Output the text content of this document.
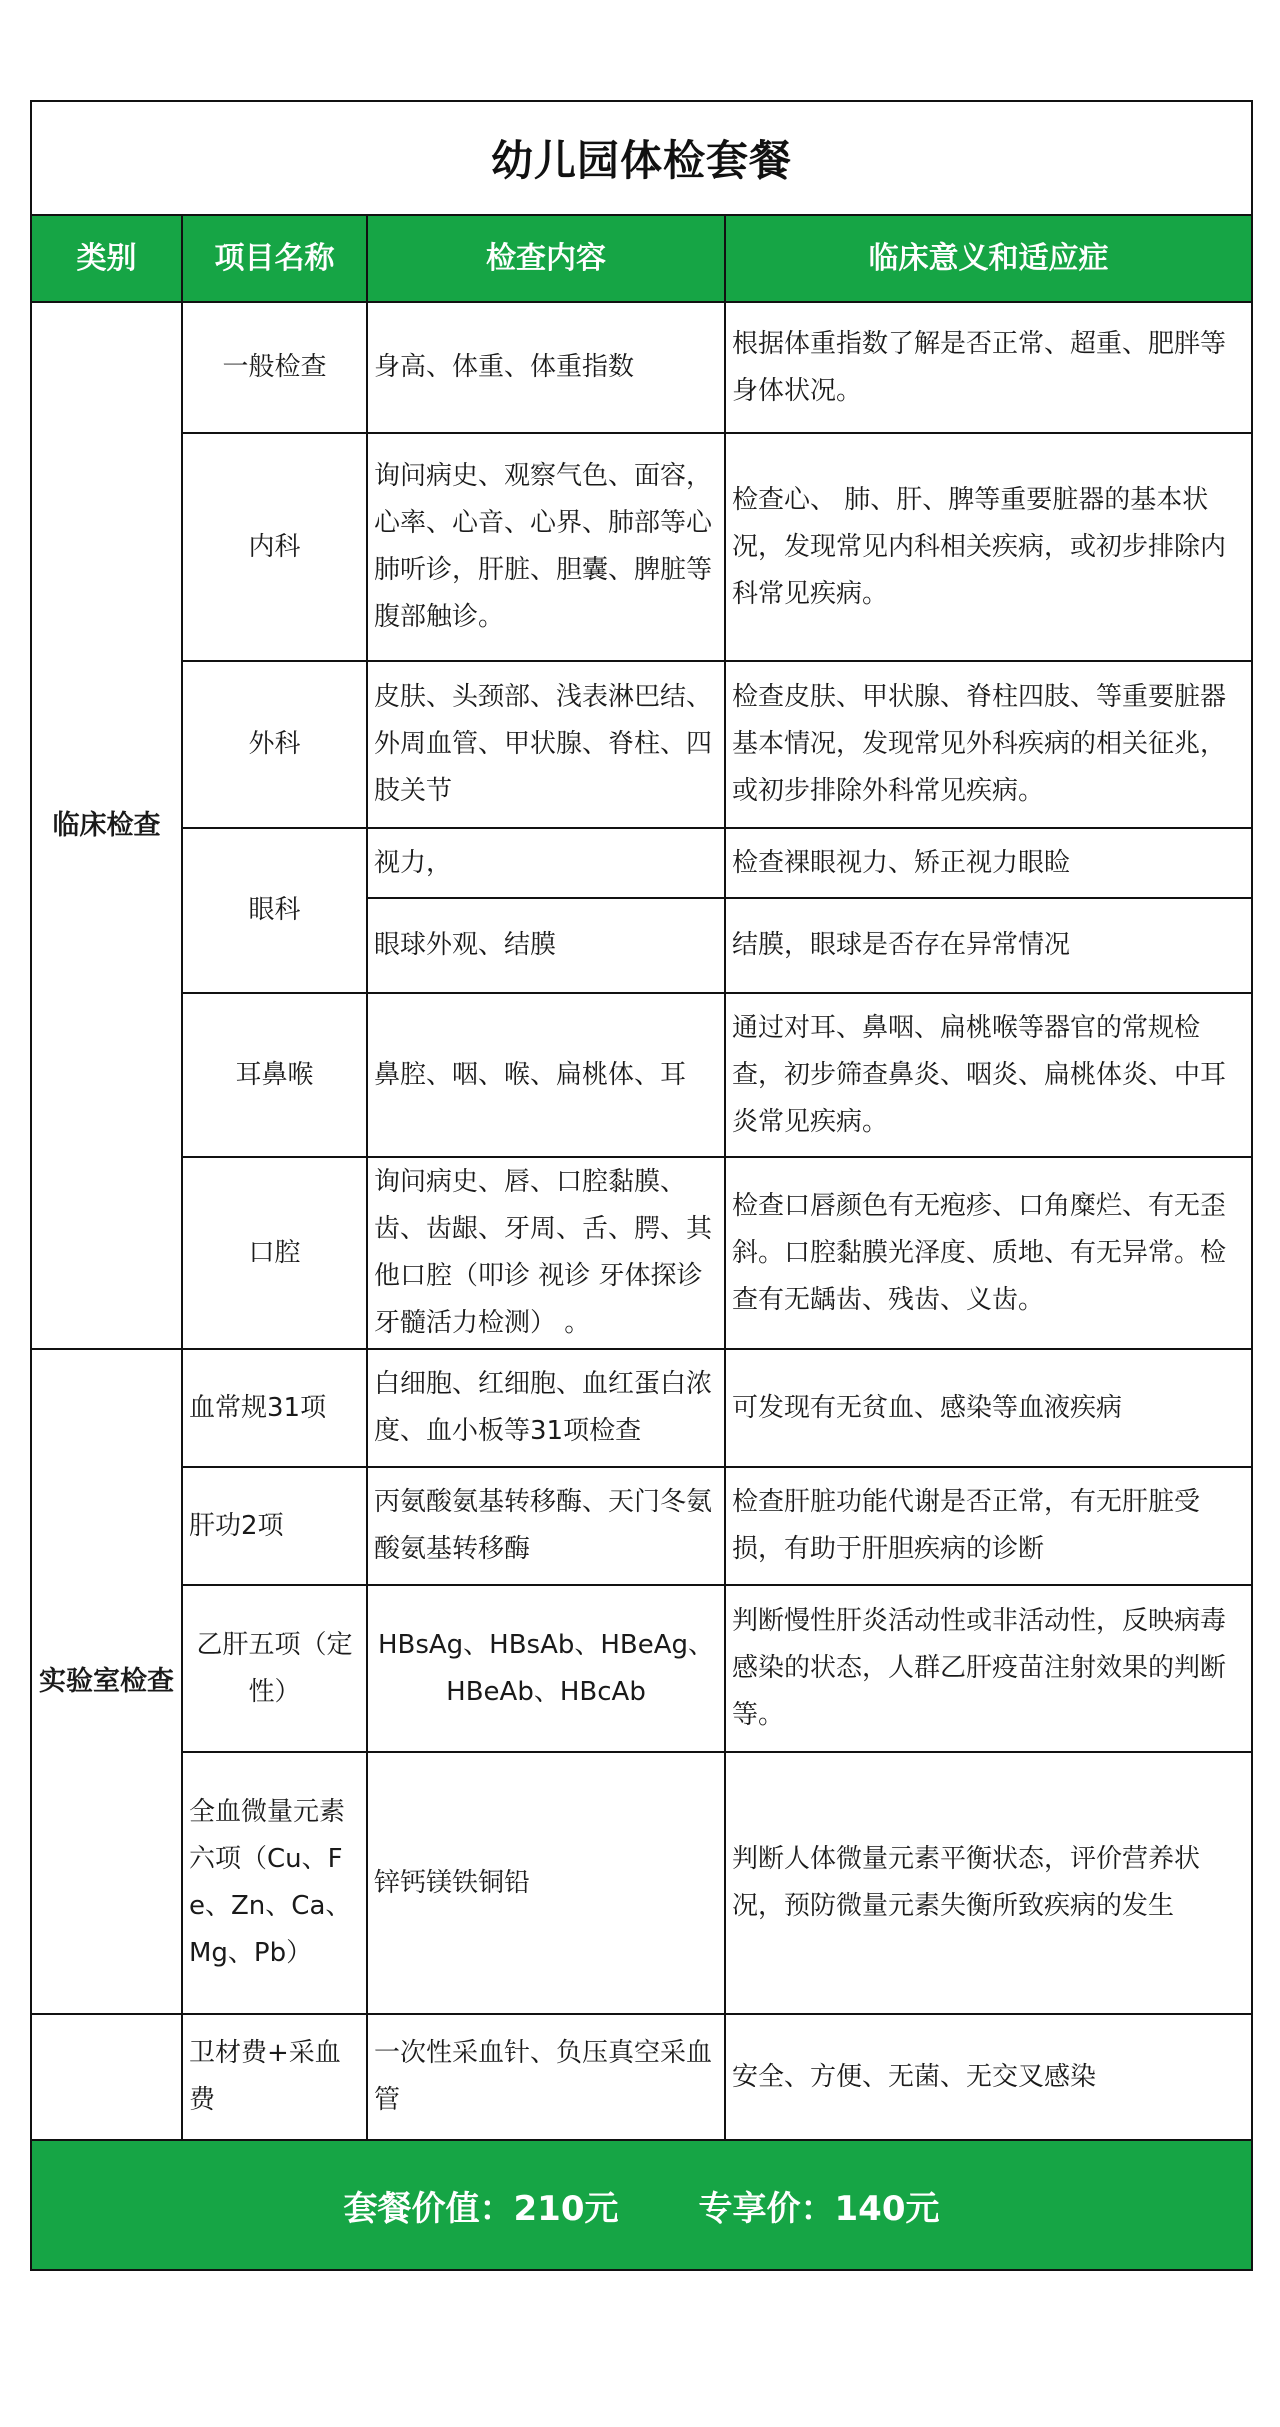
幼儿园体检套餐
类别	项目名称	检查内容	临床意义和适应症
临床检查	一般检查	身高、体重、体重指数	根据体重指数了解是否正常、超重、肥胖等身体状况。
	内科	询问病史、观察气色、面容，心率、心音、心界、肺部等心肺听诊，肝脏、胆囊、脾脏等腹部触诊。	检查心、 肺、肝、脾等重要脏器的基本状况，发现常见内科相关疾病，或初步排除内科常见疾病。
	外科	皮肤、头颈部、浅表淋巴结、外周血管、甲状腺、脊柱、四肢关节	检查皮肤、甲状腺、脊柱四肢、等重要脏器基本情况，发现常见外科疾病的相关征兆，或初步排除外科常见疾病。
	眼科	视力，	检查裸眼视力、矫正视力眼睑
		眼球外观、结膜	结膜，眼球是否存在异常情况
	耳鼻喉	鼻腔、咽、喉、扁桃体、耳	通过对耳、鼻咽、扁桃喉等器官的常规检查，初步筛查鼻炎、咽炎、扁桃体炎、中耳炎常见疾病。
	口腔	询问病史、唇、口腔黏膜、齿、齿龈、牙周、舌、腭、其他口腔（叩诊 视诊 牙体探诊 牙髓活力检测） 。	检查口唇颜色有无疱疹、口角糜烂、有无歪斜。口腔黏膜光泽度、质地、有无异常。检查有无龋齿、残齿、义齿。
实验室检查	血常规31项	白细胞、红细胞、血红蛋白浓度、血小板等31项检查	可发现有无贫血、感染等血液疾病
	肝功2项	丙氨酸氨基转移酶、天门冬氨酸氨基转移酶	检查肝脏功能代谢是否正常，有无肝脏受损，有助于肝胆疾病的诊断
	乙肝五项（定性）	HBsAg、HBsAb、HBeAg、HBeAb、HBcAb	判断慢性肝炎活动性或非活动性，反映病毒感染的状态，人群乙肝疫苗注射效果的判断等。
	全血微量元素六项（Cu、Fe、Zn、Ca、Mg、Pb）	锌钙镁铁铜铅	判断人体微量元素平衡状态，评价营养状况，预防微量元素失衡所致疾病的发生
	卫材费+采血费	一次性采血针、负压真空采血管	安全、方便、无菌、无交叉感染
套餐价值：210元 专享价：140元
